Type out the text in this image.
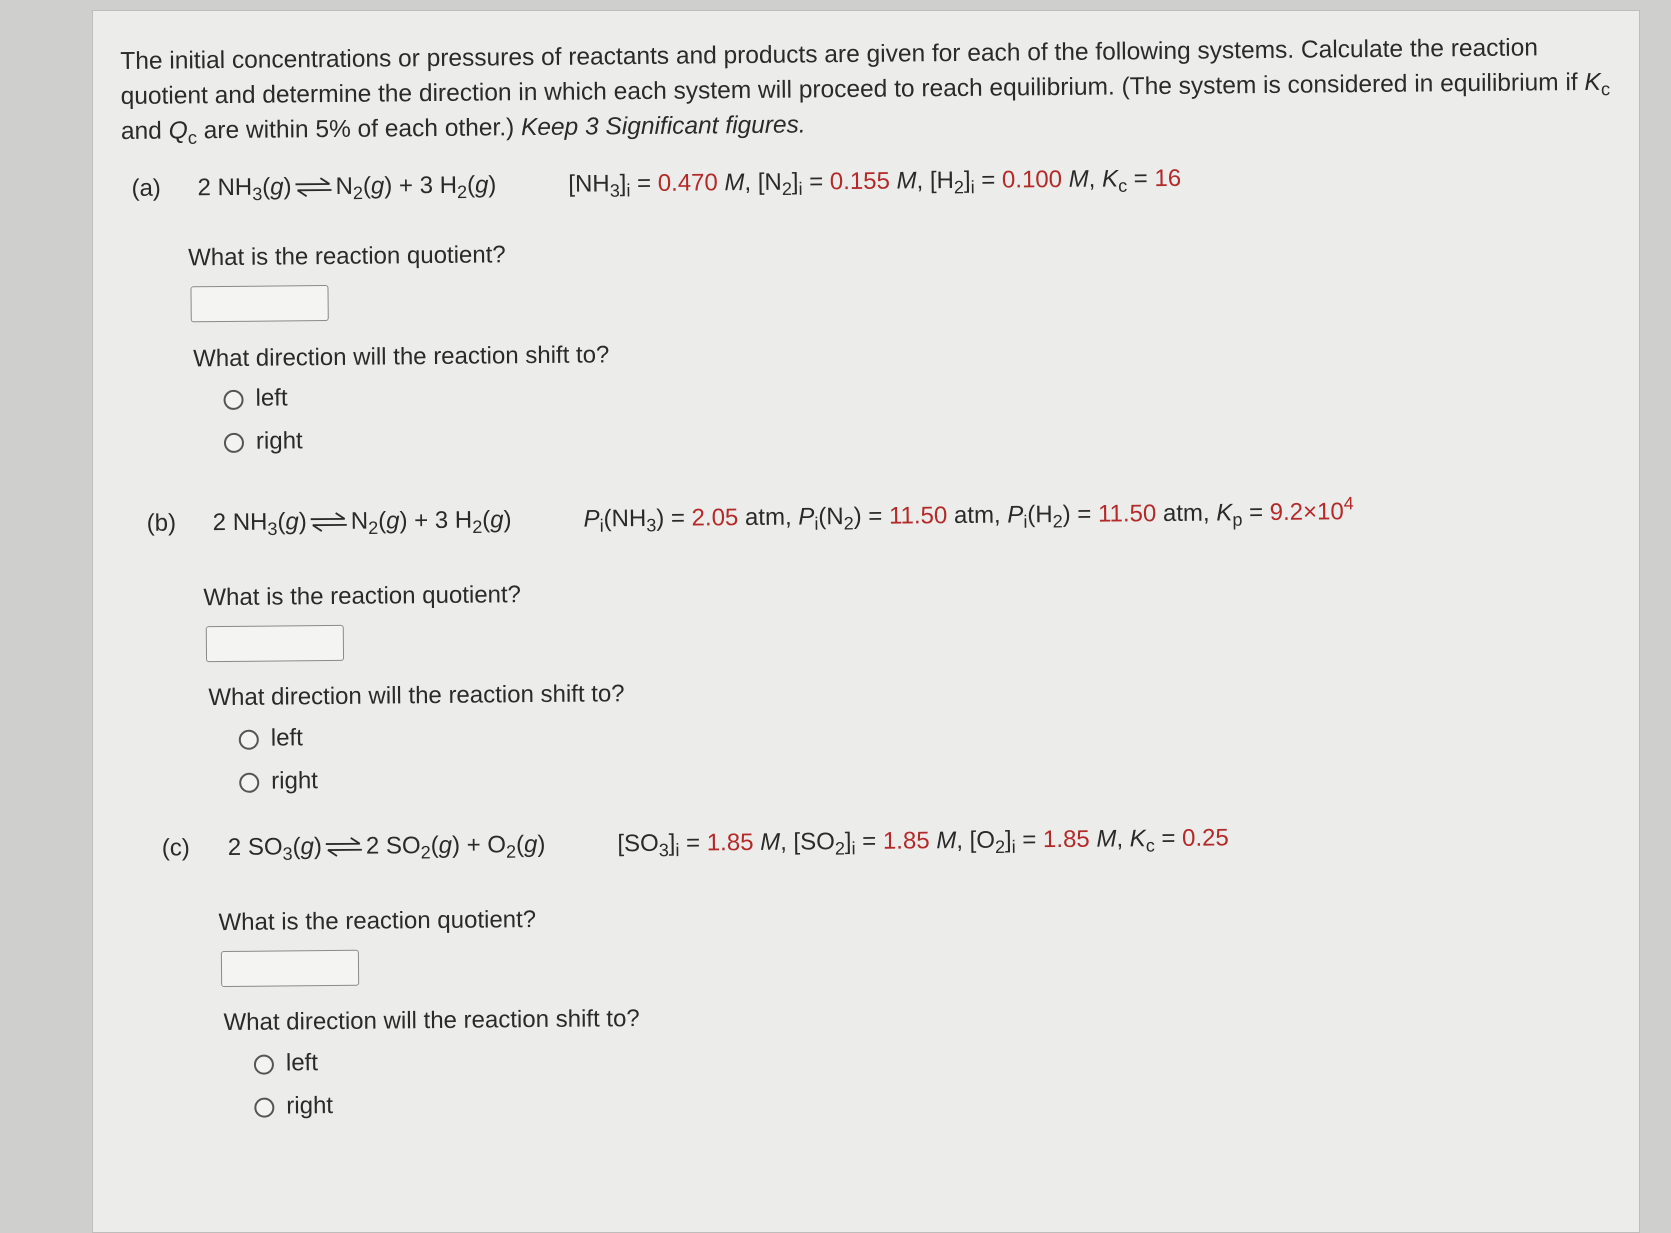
The initial concentrations or pressures of reactants and products are given for each of the following systems. Calculate the reaction quotient and determine the direction in which each system will proceed to reach equilibrium. (The system is considered in equilibrium if $K_c$ and $Q_c$ are within 5% of each other.) Keep 3 Significant figures.
(a) 2 $NH_3(g)$ ⇌ $N_2(g) + 3$ $H_2(g)$	$[NH_3]_i = 0.470$ M, $[N_2]_i = 0.155$ M, $[H_2]_i = 0.100$ M, $K_c = 16$
What is the reaction quotient?
What direction will the reaction shift to?
left
right
(b) 2 $NH_3(g)$ ⇌ $N_2(g) + 3$ $H_2(g)$	$P_i(NH_3) = 2.05$ atm, $P_i(N_2) = 11.50$ atm, $P_i(H_2) = 11.50$ atm, $K_p = 9.2\times 10^4$
What is the reaction quotient?
What direction will the reaction shift to?
left
right
(c) 2 $SO_3(g)$ ⇌ 2 $SO_2(g) + O_2(g)$	$[SO_3]_i = 1.85$ M, $[SO_2]_i = 1.85$ M, $[O_2]_i = 1.85$ M, $K_c = 0.25$
What is the reaction quotient?
What direction will the reaction shift to?
left
right
